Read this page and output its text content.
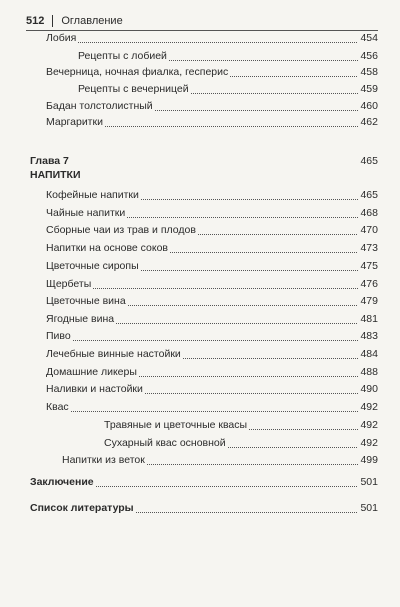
512 Оглавление
Лобия	454
Рецепты с лобией	456
Вечерница, ночная фиалка, гесперис	458
Рецепты с вечерницей	459
Бадан толстолистный	460
Маргаритки	462
Глава 7	465
НАПИТКИ
Кофейные напитки	465
Чайные напитки	468
Сборные чаи из трав и плодов	470
Напитки на основе соков	473
Цветочные сиропы	475
Щербеты	476
Цветочные вина	479
Ягодные вина	481
Пиво	483
Лечебные винные настойки	484
Домашние ликеры	488
Наливки и настойки	490
Квас	492
Травяные и цветочные квасы	492
Сухарный квас основной	492
Напитки из веток	499
Заключение	501
Список литературы	501
